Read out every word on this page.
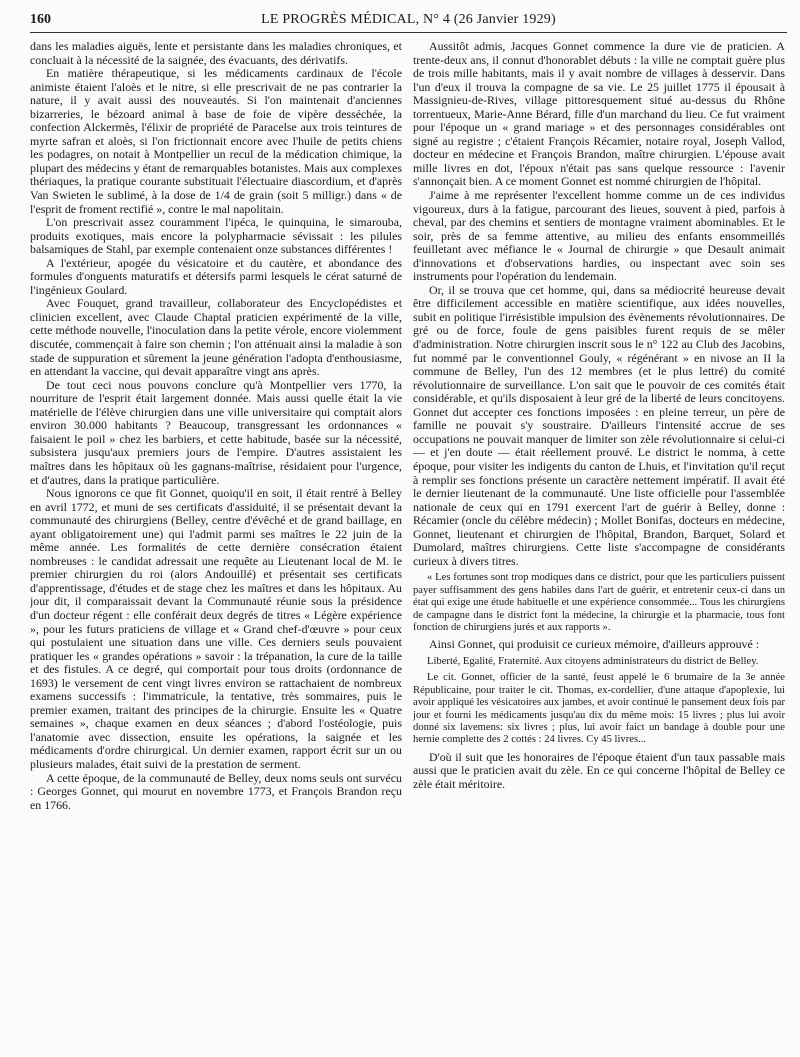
160	LE PROGRÈS MÉDICAL, N° 4 (26 Janvier 1929)

dans les maladies aiguës, lente et persistante dans les maladies chroniques, et concluait à la nécessité de la saignée, des évacuants, des dérivatifs.

En matière thérapeutique, si les médicaments cardinaux de l'école animiste étaient l'aloès et le nitre, si elle prescrivait de ne pas contrarier la nature, il y avait aussi des nouveautés. Si l'on maintenait d'anciennes bizarreries, le bézoard animal à base de foie de vipère desséchée, la confection Alckermès, l'élixir de propriété de Paracelse aux trois teintures de myrte safran et aloès, si l'on frictionnait encore avec l'huile de petits chiens les podagres, on notait à Montpellier un recul de la médication chimique, la plupart des médecins y étant de remarquables botanistes. Mais aux complexes thériaques, la pratique courante substituait l'électuaire diascordium, et d'après Van Swieten le sublimé, à la dose de 1/4 de grain (soit 5 milligr.) dans « de l'esprit de froment rectifié », contre le mal napolitain.

L'on prescrivait assez couramment l'ipéca, le quinquina, le simarouba, produits exotiques, mais encore la polypharmacie sévissait : les pilules balsamiques de Stahl, par exemple contenaient onze substances différentes !

A l'extérieur, apogée du vésicatoire et du cautère, et abondance des formules d'onguents maturatifs et détersifs parmi lesquels le cérat saturné de l'ingénieux Goulard.

Avec Fouquet, grand travailleur, collaborateur des Encyclopédistes et clinicien excellent, avec Claude Chaptal praticien expérimenté de la ville, cette méthode nouvelle, l'inoculation dans la petite vérole, encore violemment discutée, commençait à faire son chemin ; l'on atténuait ainsi la maladie à son stade de suppuration et sûrement la jeune génération l'adopta d'enthousiasme, en attendant la vaccine, qui devait apparaître vingt ans après.

De tout ceci nous pouvons conclure qu'à Montpellier vers 1770, la nourriture de l'esprit était largement donnée. Mais aussi quelle était la vie matérielle de l'élève chirurgien dans une ville universitaire qui comptait alors environ 30.000 habitants ? Beaucoup, transgressant les ordonnances « faisaient le poil » chez les barbiers, et cette habitude, basée sur la nécessité, subsistera jusqu'aux premiers jours de l'empire. D'autres assistaient les maîtres dans les hôpitaux où les gagnans-maîtrise, résidaient pour l'urgence, et d'autres, dans la pratique particulière.

Nous ignorons ce que fit Gonnet, quoiqu'il en soit, il était rentré à Belley en avril 1772, et muni de ses certificats d'assiduité, il se présentait devant la communauté des chirurgiens (Belley, centre d'évêché et de grand baillage, en ayant obligatoirement une) qui l'admit parmi ses maîtres le 22 juin de la même année. Les formalités de cette dernière consécration étaient nombreuses : le candidat adressait une requête au Lieutenant local de M. le premier chirurgien du roi (alors Andouillé) et présentait ses certificats d'apprentissage, d'études et de stage chez les maîtres et dans les hôpitaux. Au jour dit, il comparaissait devant la Communauté réunie sous la présidence d'un docteur régent : elle conférait deux degrés de titres « Légère expérience », pour les futurs praticiens de village et « Grand chef-d'œuvre » pour ceux qui postulaient une situation dans une ville. Ces derniers seuls pouvaient pratiquer les « grandes opérations » savoir : la trépanation, la cure de la taille et des fistules. A ce degré, qui comportait pour tous droits (ordonnance de 1693) le versement de cent vingt livres environ se rattachaient de nombreux examens successifs : l'immatricule, la tentative, très sommaires, puis le premier examen, traitant des principes de la chirurgie. Ensuite les « Quatre semaines », chaque examen en deux séances ; d'abord l'ostéologie, puis l'anatomie avec dissection, ensuite les opérations, la saignée et les médicaments d'ordre chirurgical. Un dernier examen, rapport écrit sur un ou plusieurs malades, était suivi de la prestation de serment.

A cette époque, de la communauté de Belley, deux noms seuls ont survécu : Georges Gonnet, qui mourut en novembre 1773, et François Brandon reçu en 1766.

Aussitôt admis, Jacques Gonnet commence la dure vie de praticien. A trente-deux ans, il connut d'honorablet débuts : la ville ne comptait guère plus de trois mille habitants, mais il y avait nombre de villages à desservir. Dans l'un d'eux il trouva la compagne de sa vie. Le 25 juillet 1775 il épousait à Massignieu-de-Rives, village pittoresquement situé au-dessus du Rhône torrentueux, Marie-Anne Bérard, fille d'un marchand du lieu. Ce fut vraiment pour l'époque un « grand mariage » et des personnages considérables ont signé au registre ; c'étaient François Récamier, notaire royal, Joseph Vallod, docteur en médecine et François Brandon, maître chirurgien. L'épouse avait mille livres en dot, l'époux n'était pas sans quelque ressource : l'avenir s'annonçait bien. A ce moment Gonnet est nommé chirurgien de l'hôpital.

J'aime à me représenter l'excellent homme comme un de ces individus vigoureux, durs à la fatigue, parcourant des lieues, souvent à pied, parfois à cheval, par des chemins et sentiers de montagne vraiment abominables. Et le soir, près de sa femme attentive, au milieu des enfants ensommeillés feuilletant avec méfiance le « Journal de chirurgie » que Desault animait d'innovations et d'observations hardies, ou inspectant avec soin ses instruments pour l'opération du lendemain.

Or, il se trouva que cet homme, qui, dans sa médiocrité heureuse devait être difficilement accessible en matière scientifique, aux idées nouvelles, subit en politique l'irrésistible impulsion des évènements révolutionnaires. De gré ou de force, foule de gens paisibles furent requis de se mêler d'administration. Notre chirurgien inscrit sous le n° 122 au Club des Jacobins, fut nommé par le conventionnel Gouly, « régénérant » en nivose an II la commune de Belley, l'un des 12 membres (et le plus lettré) du comité révolutionnaire de surveillance. L'on sait que le pouvoir de ces comités était considérable, et qu'ils disposaient à leur gré de la liberté de leurs concitoyens. Gonnet dut accepter ces fonctions imposées : en pleine terreur, un père de famille ne pouvait s'y soustraire. D'ailleurs l'intensité accrue de ses occupations ne pouvait manquer de limiter son zèle révolutionnaire si celui-ci — et j'en doute — était réellement prouvé. Le district le nomma, à cette époque, pour visiter les indigents du canton de Lhuis, et l'invitation qu'il reçut à remplir ses fonctions présente un caractère nettement impératif. Il avait été le dernier lieutenant de la communauté. Une liste officielle pour l'assemblée nationale de ceux qui en 1791 exercent l'art de guérir à Belley, donne : Récamier (oncle du célèbre médecin) ; Mollet Bonifas, docteurs en médecine, Gonnet, lieutenant et chirurgien de l'hôpital, Brandon, Barquet, Solard et Dumolard, maîtres chirurgiens. Cette liste s'accompagne de considérants curieux à divers titres.

« Les fortunes sont trop modiques dans ce district, pour que les particuliers puissent payer suffisamment des gens habiles dans l'art de guérir, et entretenir ceux-ci dans un état qui exige une étude habituelle et une expérience consommée... Tous les chirurgiens de campagne dans le district font la médecine, la chirurgie et la pharmacie, tous font fonction de chirurgiens jurés et aux rapports ».

Ainsi Gonnet, qui produisit ce curieux mémoire, d'ailleurs approuvé :

Liberté, Egalité, Fraternité. Aux citoyens administrateurs du district de Belley.

Le cit. Gonnet, officier de la santé, feust appelé le 6 brumaire de la 3e année Républicaine, pour traiter le cit. Thomas, ex-cordellier, d'une attaque d'apoplexie, lui avoir appliqué les vésicatoires aux jambes, et avoir continué le pansement deux fois par jour et fourni les médicaments jusqu'au dix du même mois: 15 livres ; plus lui avoir donné six lavemens: six livres ; plus, lui avoir faict un bandage à double pour une hernie complette des 2 cottés : 24 livres. Cy 45 livres...

D'où il suit que les honoraires de l'époque étaient d'un taux passable mais aussi que le praticien avait du zèle. En ce qui concerne l'hôpital de Belley ce zèle était méritoire.
